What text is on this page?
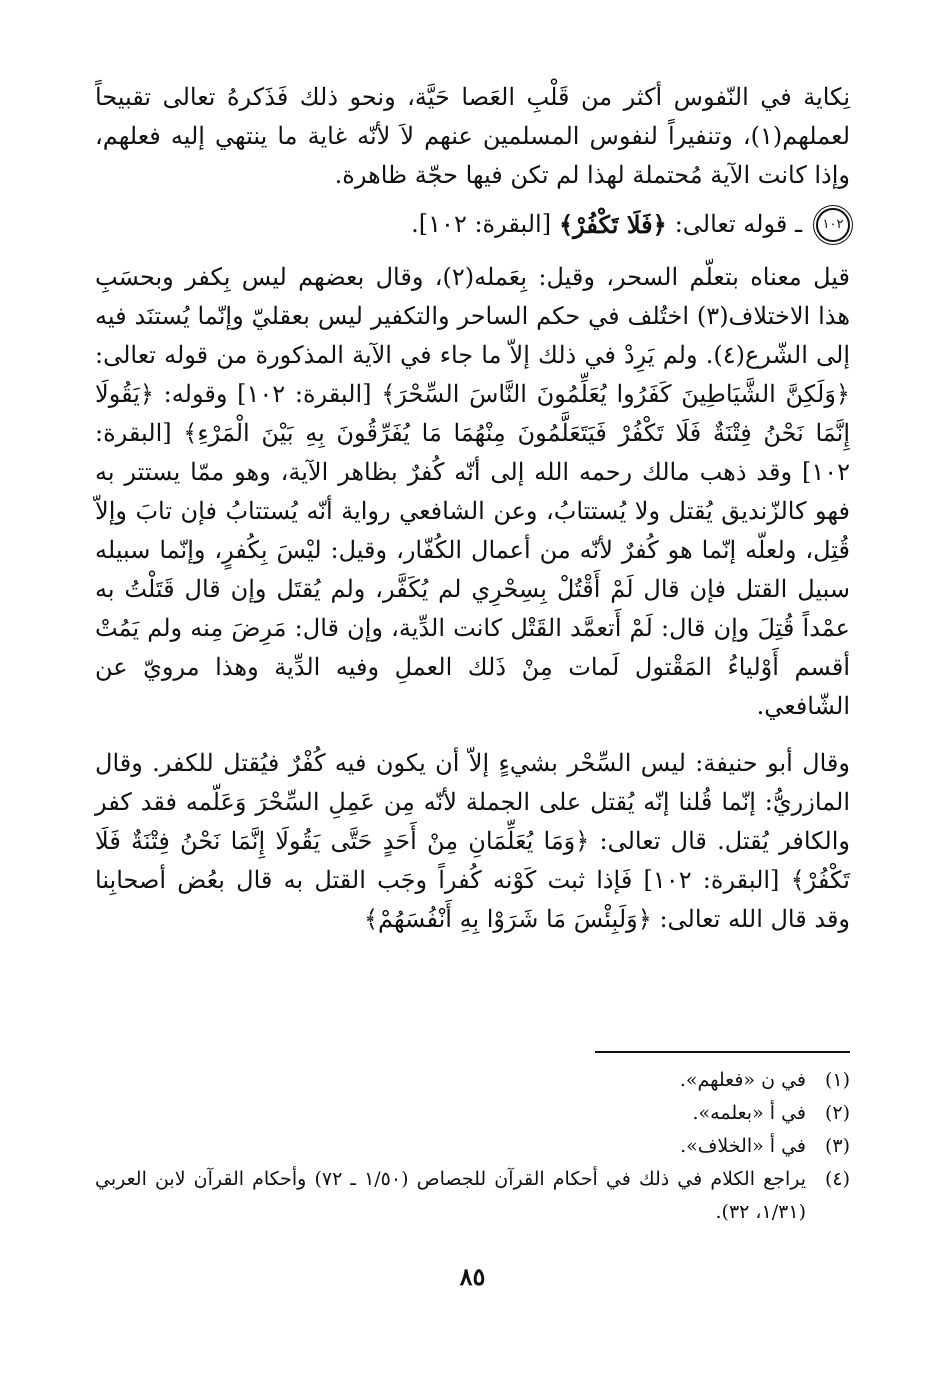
نِكاية في النّفوس أكثر من قَلْبِ العَصا حَيَّة، ونحو ذلك فَذَكرهُ تعالى تقبيحاً لعملهم(١)، وتنفيراً لنفوس المسلمين عنهم لاَ لأنّه غاية ما ينتهي إليه فعلهم، وإذا كانت الآية مُحتملة لهذا لم تكن فيها حجّة ظاهرة.

١٠٢
ـ قوله تعالى:
﴿فَلَا تَكْفُرْ﴾
[البقرة: ١٠٢].

قيل معناه بتعلّم السحر، وقيل: بِعَمله(٢)، وقال بعضهم ليس بِكفر وبحسَبِ هذا الاختلاف(٣) اختُلف في حكم الساحر والتكفير ليس بعقليّ وإنّما يُستنَد فيه إلى الشّرع(٤). ولم يَرِدْ في ذلك إلاّ ما جاء في الآية المذكورة من قوله تعالى: ﴿وَلَكِنَّ الشَّيَاطِينَ كَفَرُوا يُعَلِّمُونَ النَّاسَ السِّحْرَ﴾ [البقرة: ١٠٢] وقوله: ﴿يَقُولَا إِنَّمَا نَحْنُ فِتْنَةٌ فَلَا تَكْفُرْ فَيَتَعَلَّمُونَ مِنْهُمَا مَا يُفَرِّقُونَ بِهِ بَيْنَ الْمَرْءِ﴾ [البقرة: ١٠٢] وقد ذهب مالك رحمه الله إلى أنّه كُفرٌ بظاهر الآية، وهو ممّا يستتر به فهو كالزّنديق يُقتل ولا يُستتابُ، وعن الشافعي رواية أنّه يُستتابُ فإن تابَ وإلاّ قُتِل، ولعلّه إنّما هو كُفرٌ لأنّه من أعمال الكُفّار، وقيل: ليْسَ بِكُفرٍ، وإنّما سبيله سبيل القتل فإن قال لَمْ أَقْتُلْ بِسِحْرِي لم يُكَفَّر، ولم يُقتَل وإن قال قَتَلْتُ به عمْداً قُتِلَ وإن قال: لَمْ أَتعمَّد القَتْل كانت الدِّية، وإن قال: مَرِضَ مِنه ولم يَمُتْ أقسم أَوْلياءُ المَقْتول لَمات مِنْ ذَلك العملِ وفيه الدِّية وهذا مرويّ عن الشّافعي.

وقال أبو حنيفة: ليس السِّحْر بشيءٍ إلاّ أن يكون فيه كُفْرٌ فيُقتل للكفر. وقال المازريُّ: إنّما قُلنا إنّه يُقتل على الجملة لأنّه مِن عَمِلِ السِّحْرَ وَعَلّمه فقد كفر والكافر يُقتل. قال تعالى: ﴿وَمَا يُعَلِّمَانِ مِنْ أَحَدٍ حَتَّى يَقُولَا إِنَّمَا نَحْنُ فِتْنَةٌ فَلَا تَكْفُرْ﴾ [البقرة: ١٠٢] فَإذا ثبت كَوْنه كُفراً وجَب القتل به قال بعُض أصحابِنا وقد قال الله تعالى: ﴿وَلَبِئْسَ مَا شَرَوْا بِهِ أَنْفُسَهُمْ﴾

(١)
في ن «فعلهم».
(٢)
في أ «بعلمه».
(٣)
في أ «الخلاف».
(٤)
يراجع الكلام في ذلك في أحكام القرآن للجصاص (١/٥٠ ـ ٧٢) وأحكام القرآن لابن العربي (١/٣١، ٣٢).
٨٥
